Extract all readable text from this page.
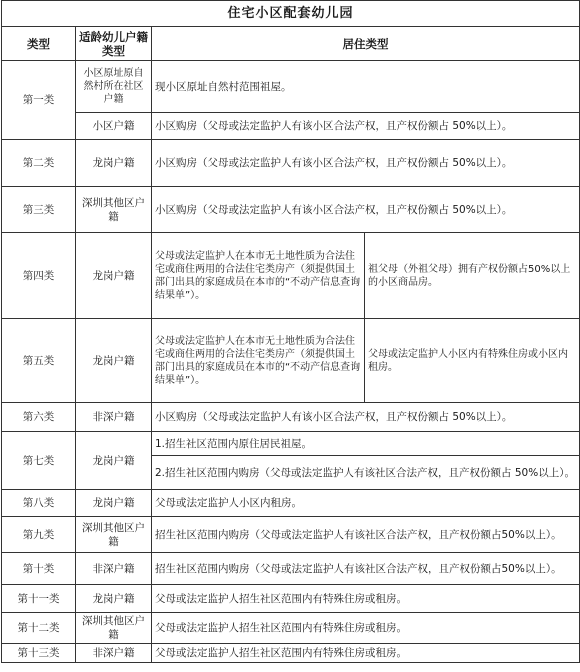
住宅小区配套幼儿园			
类型	适龄幼儿户籍类型	居住类型	
第一类	小区原址原自然村所在社区户籍	现小区原址自然村范围祖屋。	
	小区户籍	小区购房（父母或法定监护人有该小区合法产权，且产权份额占 50%以上）。	
第二类	龙岗户籍	小区购房（父母或法定监护人有该小区合法产权，且产权份额占 50%以上）。	
第三类	深圳其他区户籍	小区购房（父母或法定监护人有该小区合法产权，且产权份额占 50%以上）。	
第四类	龙岗户籍	父母或法定监护人在本市无土地性质为合法住宅或商住两用的合法住宅类房产（须提供国土部门出具的家庭成员在本市的“不动产信息查询结果单”）。	祖父母（外祖父母）拥有产权份额占50%以上的小区商品房。
第五类	龙岗户籍	父母或法定监护人在本市无土地性质为合法住宅或商住两用的合法住宅类房产（须提供国土部门出具的家庭成员在本市的“不动产信息查询结果单”）。	父母或法定监护人小区内有特殊住房或小区内租房。
第六类	非深户籍	小区购房（父母或法定监护人有该小区合法产权，且产权份额占 50%以上）。	
第七类	龙岗户籍	1.招生社区范围内原住居民祖屋。	
		2.招生社区范围内购房（父母或法定监护人有该社区合法产权，且产权份额占 50%以上）。	
第八类	龙岗户籍	父母或法定监护人小区内租房。	
第九类	深圳其他区户籍	招生社区范围内购房（父母或法定监护人有该社区合法产权，且产权份额占50%以上）。	
第十类	非深户籍	招生社区范围内购房（父母或法定监护人有该社区合法产权，且产权份额占50%以上）。	
第十一类	龙岗户籍	父母或法定监护人招生社区范围内有特殊住房或租房。	
第十二类	深圳其他区户籍	父母或法定监护人招生社区范围内有特殊住房或租房。	
第十三类	非深户籍	父母或法定监护人招生社区范围内有特殊住房或租房。	
